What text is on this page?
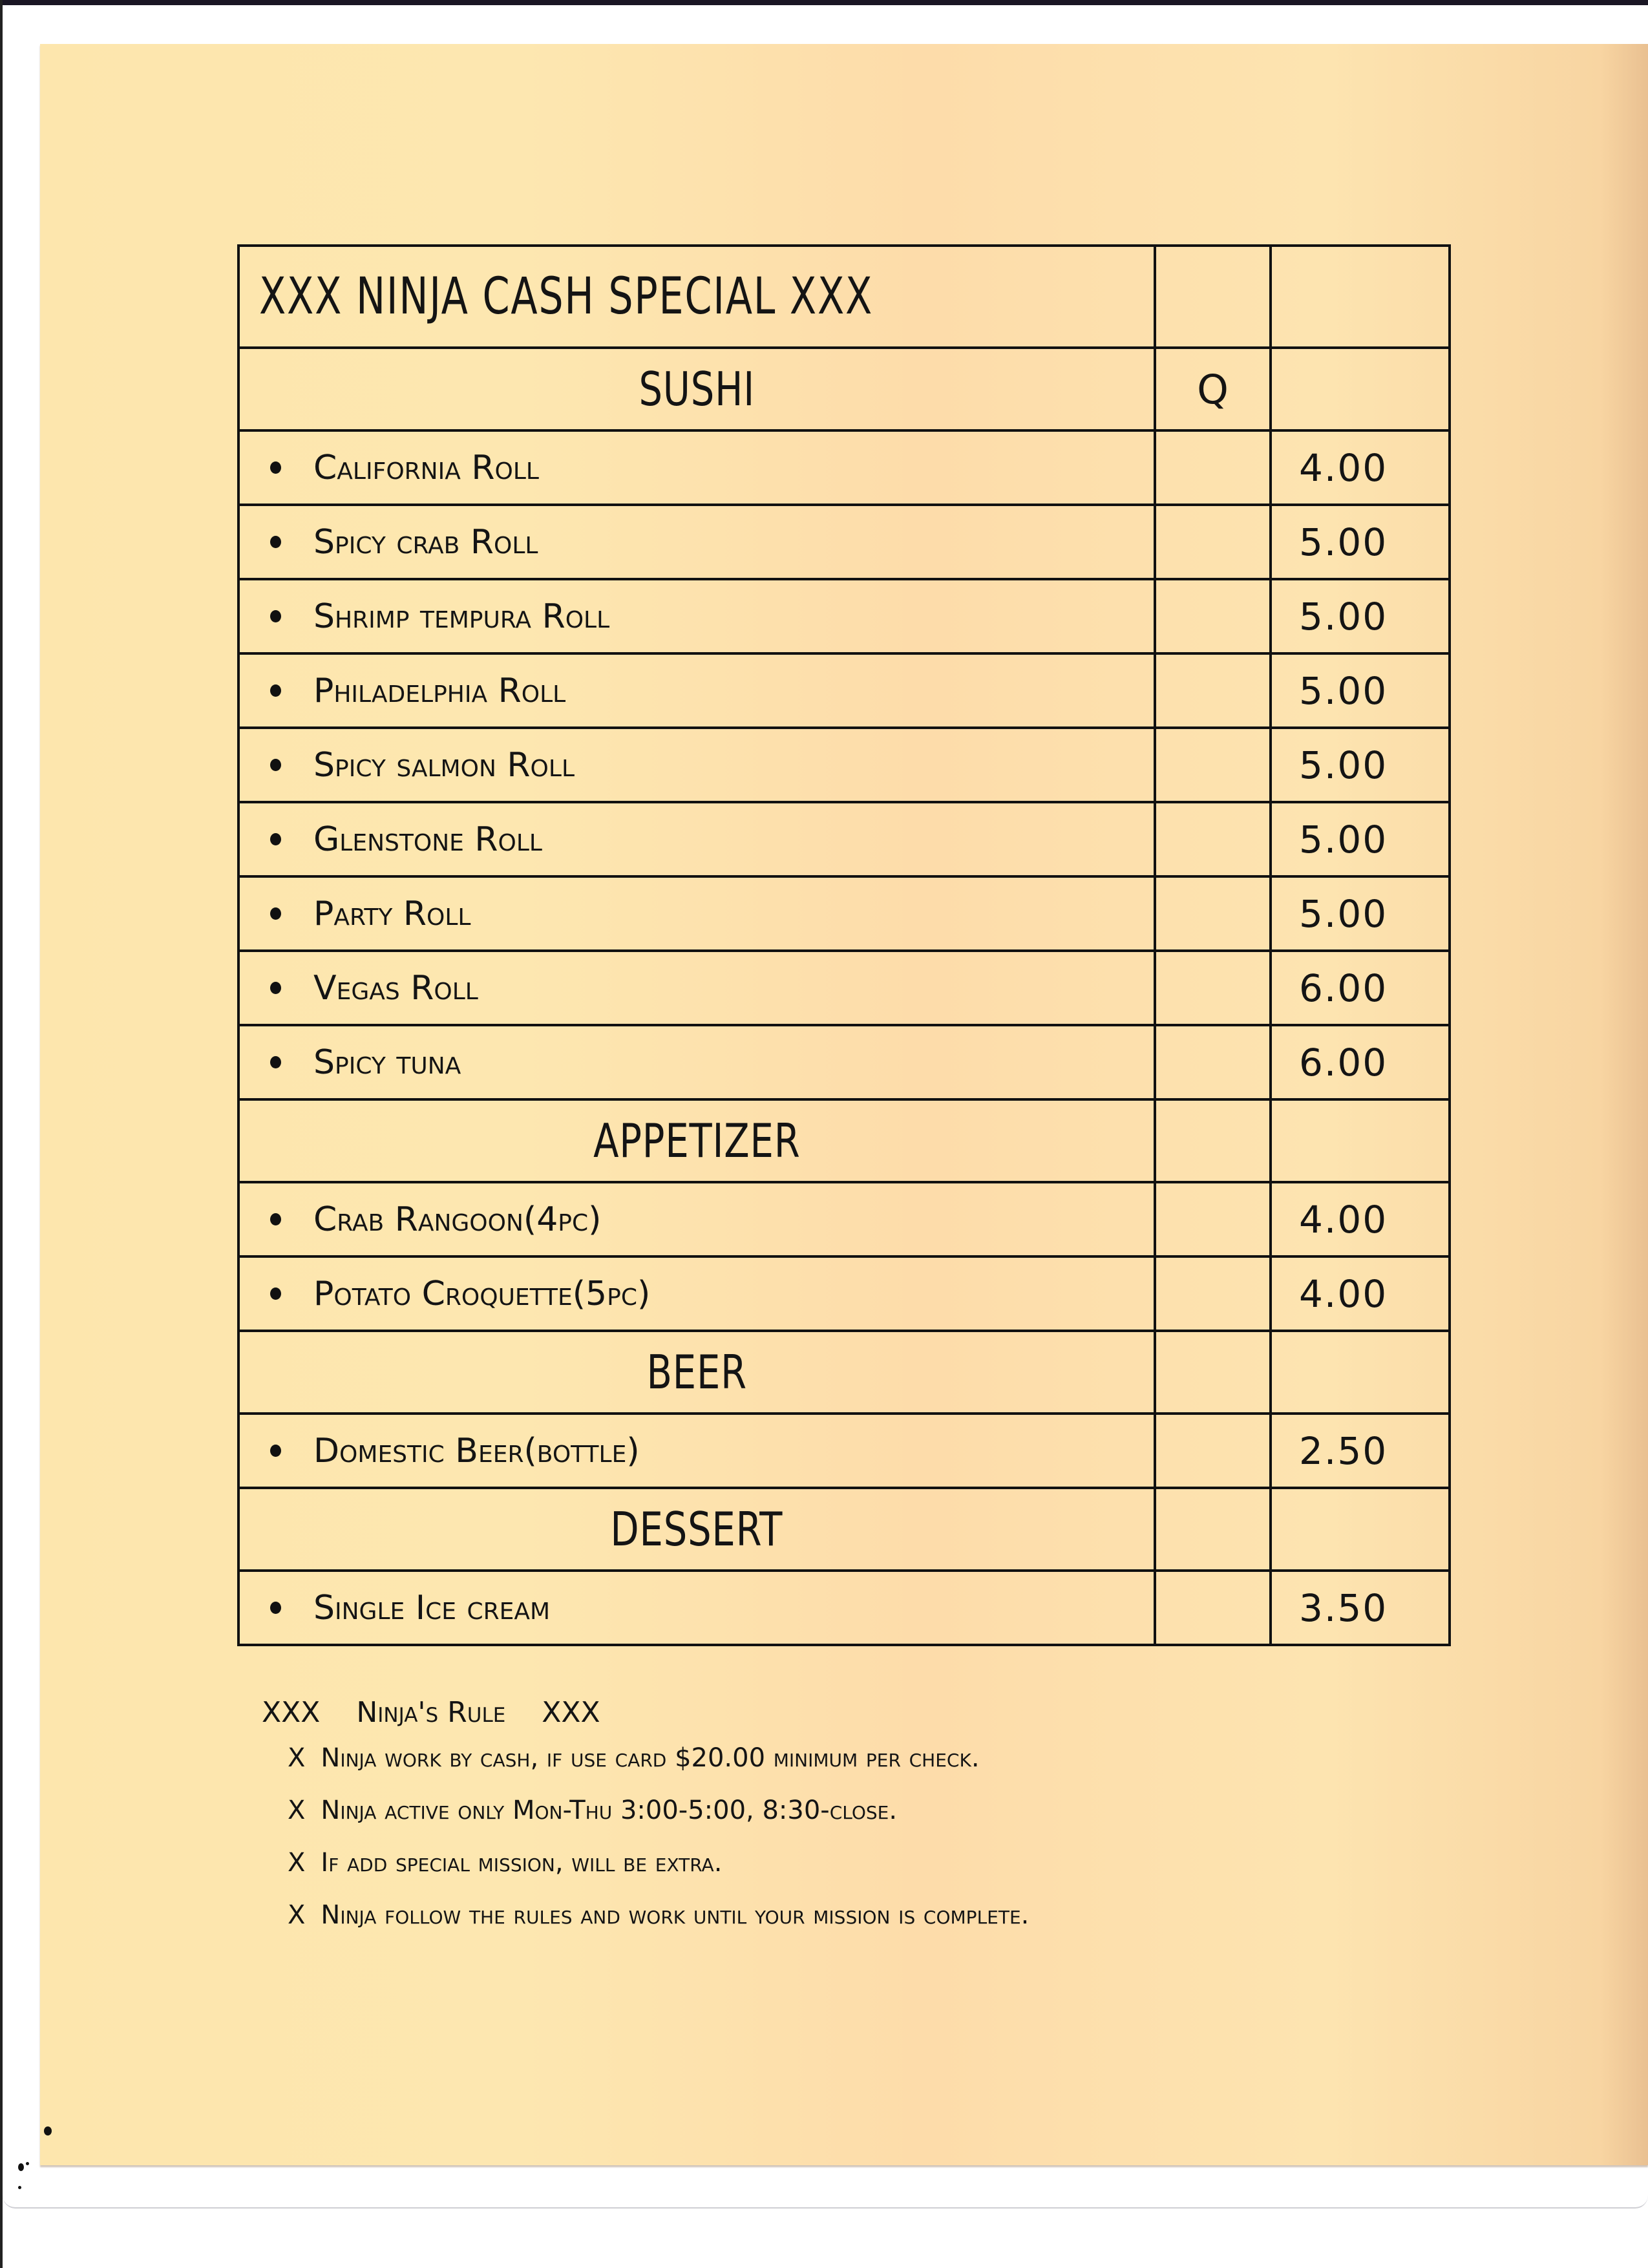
XXX NINJA CASH SPECIAL XXX		
SUSHI	Q	
California Roll		4.00
Spicy crab Roll		5.00
Shrimp tempura Roll		5.00
Philadelphia Roll		5.00
Spicy salmon Roll		5.00
Glenstone Roll		5.00
Party Roll		5.00
Vegas Roll		6.00
Spicy tuna		6.00
APPETIZER		
Crab Rangoon(4pc)		4.00
Potato Croquette(5pc)		4.00
BEER		
Domestic Beer(bottle)		2.50
DESSERT		
Single Ice cream		3.50
XXX    Ninja's Rule    XXX
X Ninja work by cash, if use card $20.00 minimum per check.
X Ninja active only Mon-Thu 3:00-5:00, 8:30-close.
X If add special mission, will be extra.
X Ninja follow the rules and work until your mission is complete.
